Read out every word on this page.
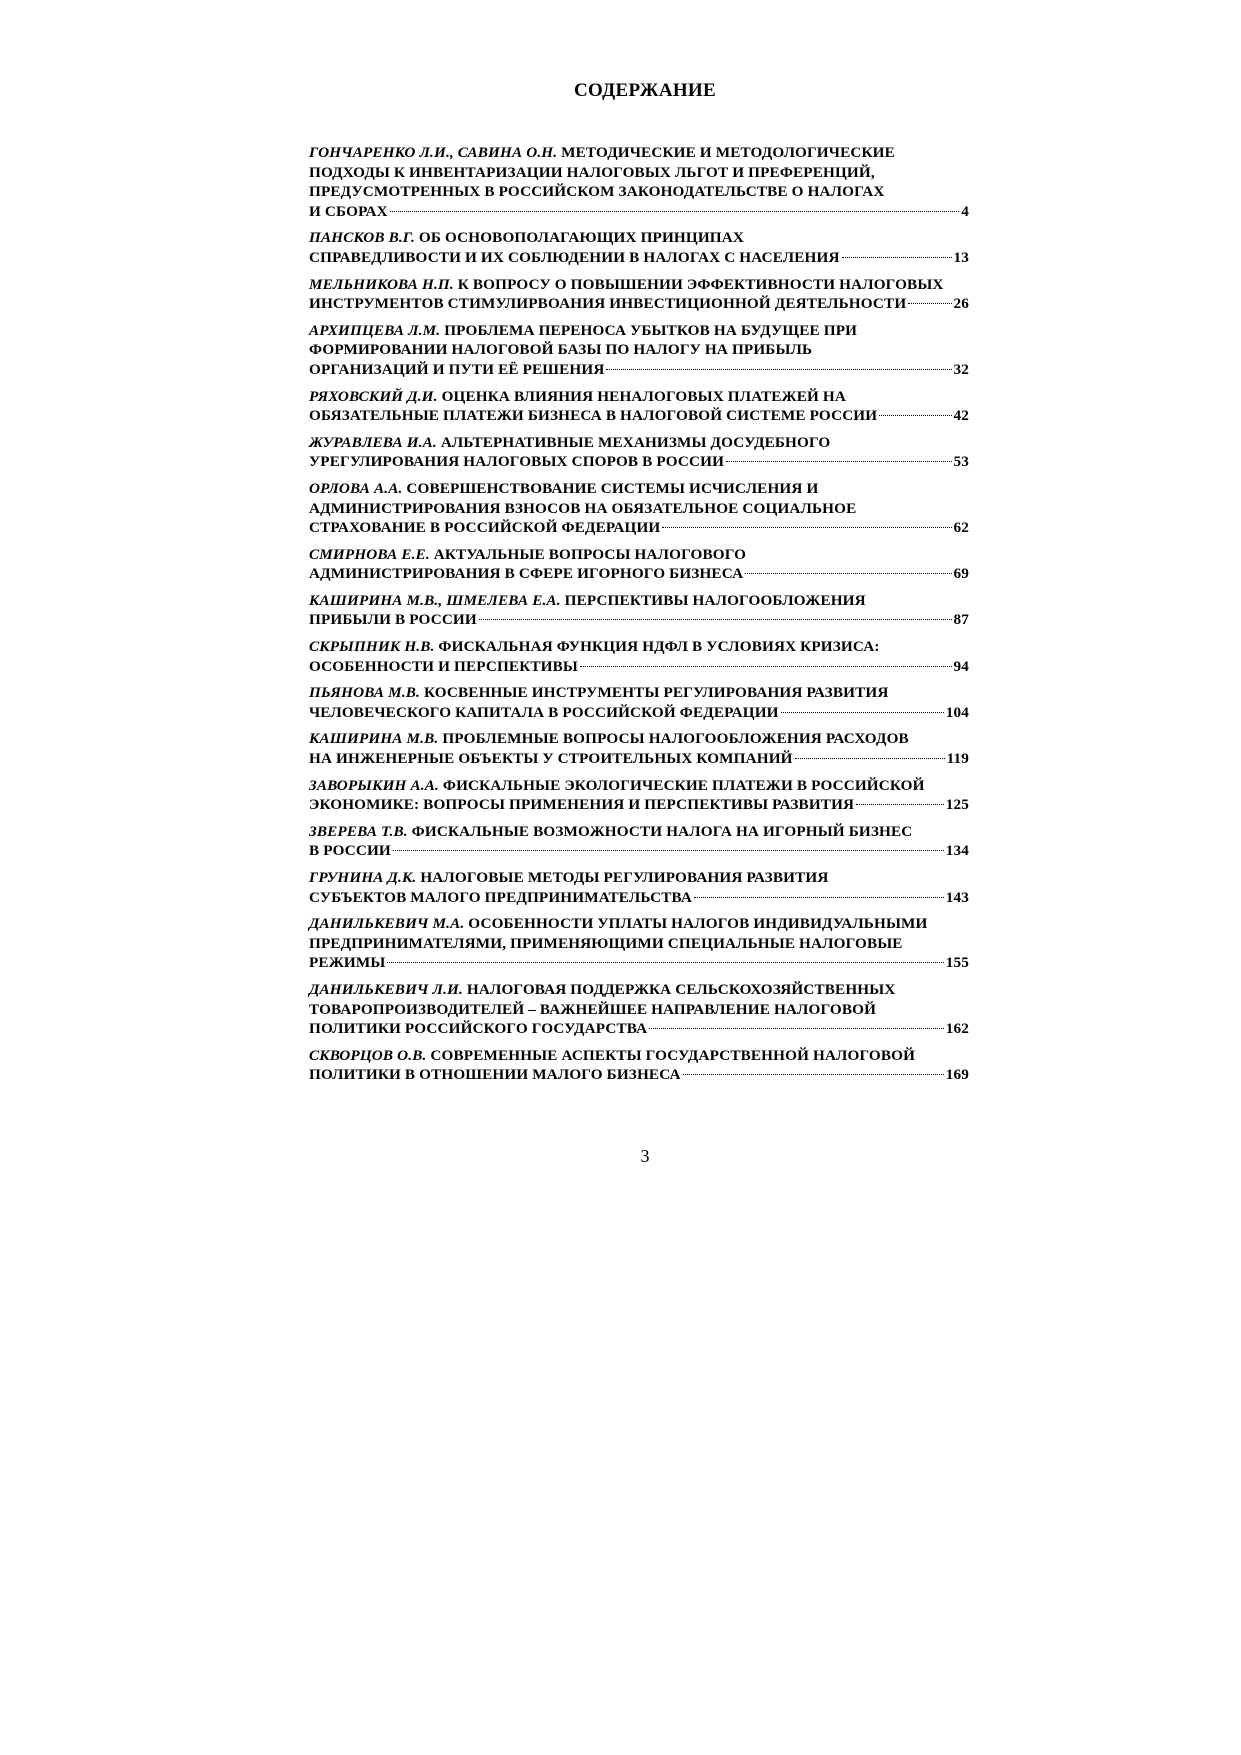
СОДЕРЖАНИЕ
ГОНЧАРЕНКО Л.И., САВИНА О.Н. МЕТОДИЧЕСКИЕ И МЕТОДОЛОГИЧЕСКИЕ
ПОДХОДЫ К ИНВЕНТАРИЗАЦИИ НАЛОГОВЫХ ЛЬГОТ И ПРЕФЕРЕНЦИЙ,
ПРЕДУСМОТРЕННЫХ В РОССИЙСКОМ ЗАКОНОДАТЕЛЬСТВЕ О НАЛОГАХ
И СБОРАХ	4
ПАНСКОВ В.Г. ОБ ОСНОВОПОЛАГАЮЩИХ ПРИНЦИПАХ
СПРАВЕДЛИВОСТИ И ИХ СОБЛЮДЕНИИ В НАЛОГАХ С НАСЕЛЕНИЯ	13
МЕЛЬНИКОВА Н.П. К ВОПРОСУ О ПОВЫШЕНИИ ЭФФЕКТИВНОСТИ НАЛОГОВЫХ
ИНСТРУМЕНТОВ СТИМУЛИРВОАНИЯ ИНВЕСТИЦИОННОЙ ДЕЯТЕЛЬНОСТИ	26
АРХИПЦЕВА Л.М. ПРОБЛЕМА ПЕРЕНОСА УБЫТКОВ НА БУДУЩЕЕ ПРИ
ФОРМИРОВАНИИ НАЛОГОВОЙ БАЗЫ ПО НАЛОГУ НА ПРИБЫЛЬ
ОРГАНИЗАЦИЙ И ПУТИ ЕЁ РЕШЕНИЯ	32
РЯХОВСКИЙ Д.И. ОЦЕНКА ВЛИЯНИЯ НЕНАЛОГОВЫХ ПЛАТЕЖЕЙ НА
ОБЯЗАТЕЛЬНЫЕ ПЛАТЕЖИ БИЗНЕСА В НАЛОГОВОЙ СИСТЕМЕ РОССИИ	42
ЖУРАВЛЕВА И.А. АЛЬТЕРНАТИВНЫЕ МЕХАНИЗМЫ ДОСУДЕБНОГО
УРЕГУЛИРОВАНИЯ НАЛОГОВЫХ СПОРОВ В РОССИИ	53
ОРЛОВА А.А. СОВЕРШЕНСТВОВАНИЕ СИСТЕМЫ ИСЧИСЛЕНИЯ И
АДМИНИСТРИРОВАНИЯ ВЗНОСОВ НА ОБЯЗАТЕЛЬНОЕ СОЦИАЛЬНОЕ
СТРАХОВАНИЕ В РОССИЙСКОЙ ФЕДЕРАЦИИ	62
СМИРНОВА Е.Е. АКТУАЛЬНЫЕ ВОПРОСЫ НАЛОГОВОГО
АДМИНИСТРИРОВАНИЯ В СФЕРЕ ИГОРНОГО БИЗНЕСА	69
КАШИРИНА М.В., ШМЕЛЕВА Е.А. ПЕРСПЕКТИВЫ НАЛОГООБЛОЖЕНИЯ
ПРИБЫЛИ В РОССИИ	87
СКРЫПНИК Н.В. ФИСКАЛЬНАЯ ФУНКЦИЯ НДФЛ В УСЛОВИЯХ КРИЗИСА:
ОСОБЕННОСТИ И ПЕРСПЕКТИВЫ	94
ПЬЯНОВА М.В. КОСВЕННЫЕ ИНСТРУМЕНТЫ РЕГУЛИРОВАНИЯ РАЗВИТИЯ
ЧЕЛОВЕЧЕСКОГО КАПИТАЛА В РОССИЙСКОЙ ФЕДЕРАЦИИ	104
КАШИРИНА М.В. ПРОБЛЕМНЫЕ ВОПРОСЫ НАЛОГООБЛОЖЕНИЯ РАСХОДОВ
НА ИНЖЕНЕРНЫЕ ОБЪЕКТЫ У СТРОИТЕЛЬНЫХ КОМПАНИЙ	119
ЗАВОРЫКИН А.А. ФИСКАЛЬНЫЕ ЭКОЛОГИЧЕСКИЕ ПЛАТЕЖИ В РОССИЙСКОЙ
ЭКОНОМИКЕ: ВОПРОСЫ ПРИМЕНЕНИЯ И ПЕРСПЕКТИВЫ РАЗВИТИЯ	125
ЗВЕРЕВА Т.В. ФИСКАЛЬНЫЕ ВОЗМОЖНОСТИ НАЛОГА НА ИГОРНЫЙ БИЗНЕС
В РОССИИ	134
ГРУНИНА Д.К. НАЛОГОВЫЕ МЕТОДЫ РЕГУЛИРОВАНИЯ РАЗВИТИЯ
СУБЪЕКТОВ МАЛОГО ПРЕДПРИНИМАТЕЛЬСТВА	143
ДАНИЛЬКЕВИЧ М.А. ОСОБЕННОСТИ УПЛАТЫ НАЛОГОВ ИНДИВИДУАЛЬНЫМИ
ПРЕДПРИНИМАТЕЛЯМИ, ПРИМЕНЯЮЩИМИ СПЕЦИАЛЬНЫЕ НАЛОГОВЫЕ
РЕЖИМЫ	155
ДАНИЛЬКЕВИЧ Л.И. НАЛОГОВАЯ ПОДДЕРЖКА СЕЛЬСКОХОЗЯЙСТВЕННЫХ
ТОВАРОПРОИЗВОДИТЕЛЕЙ – ВАЖНЕЙШЕЕ НАПРАВЛЕНИЕ НАЛОГОВОЙ
ПОЛИТИКИ РОССИЙСКОГО ГОСУДАРСТВА	162
СКВОРЦОВ О.В. СОВРЕМЕННЫЕ АСПЕКТЫ ГОСУДАРСТВЕННОЙ НАЛОГОВОЙ
ПОЛИТИКИ В ОТНОШЕНИИ МАЛОГО БИЗНЕСА	169
3
